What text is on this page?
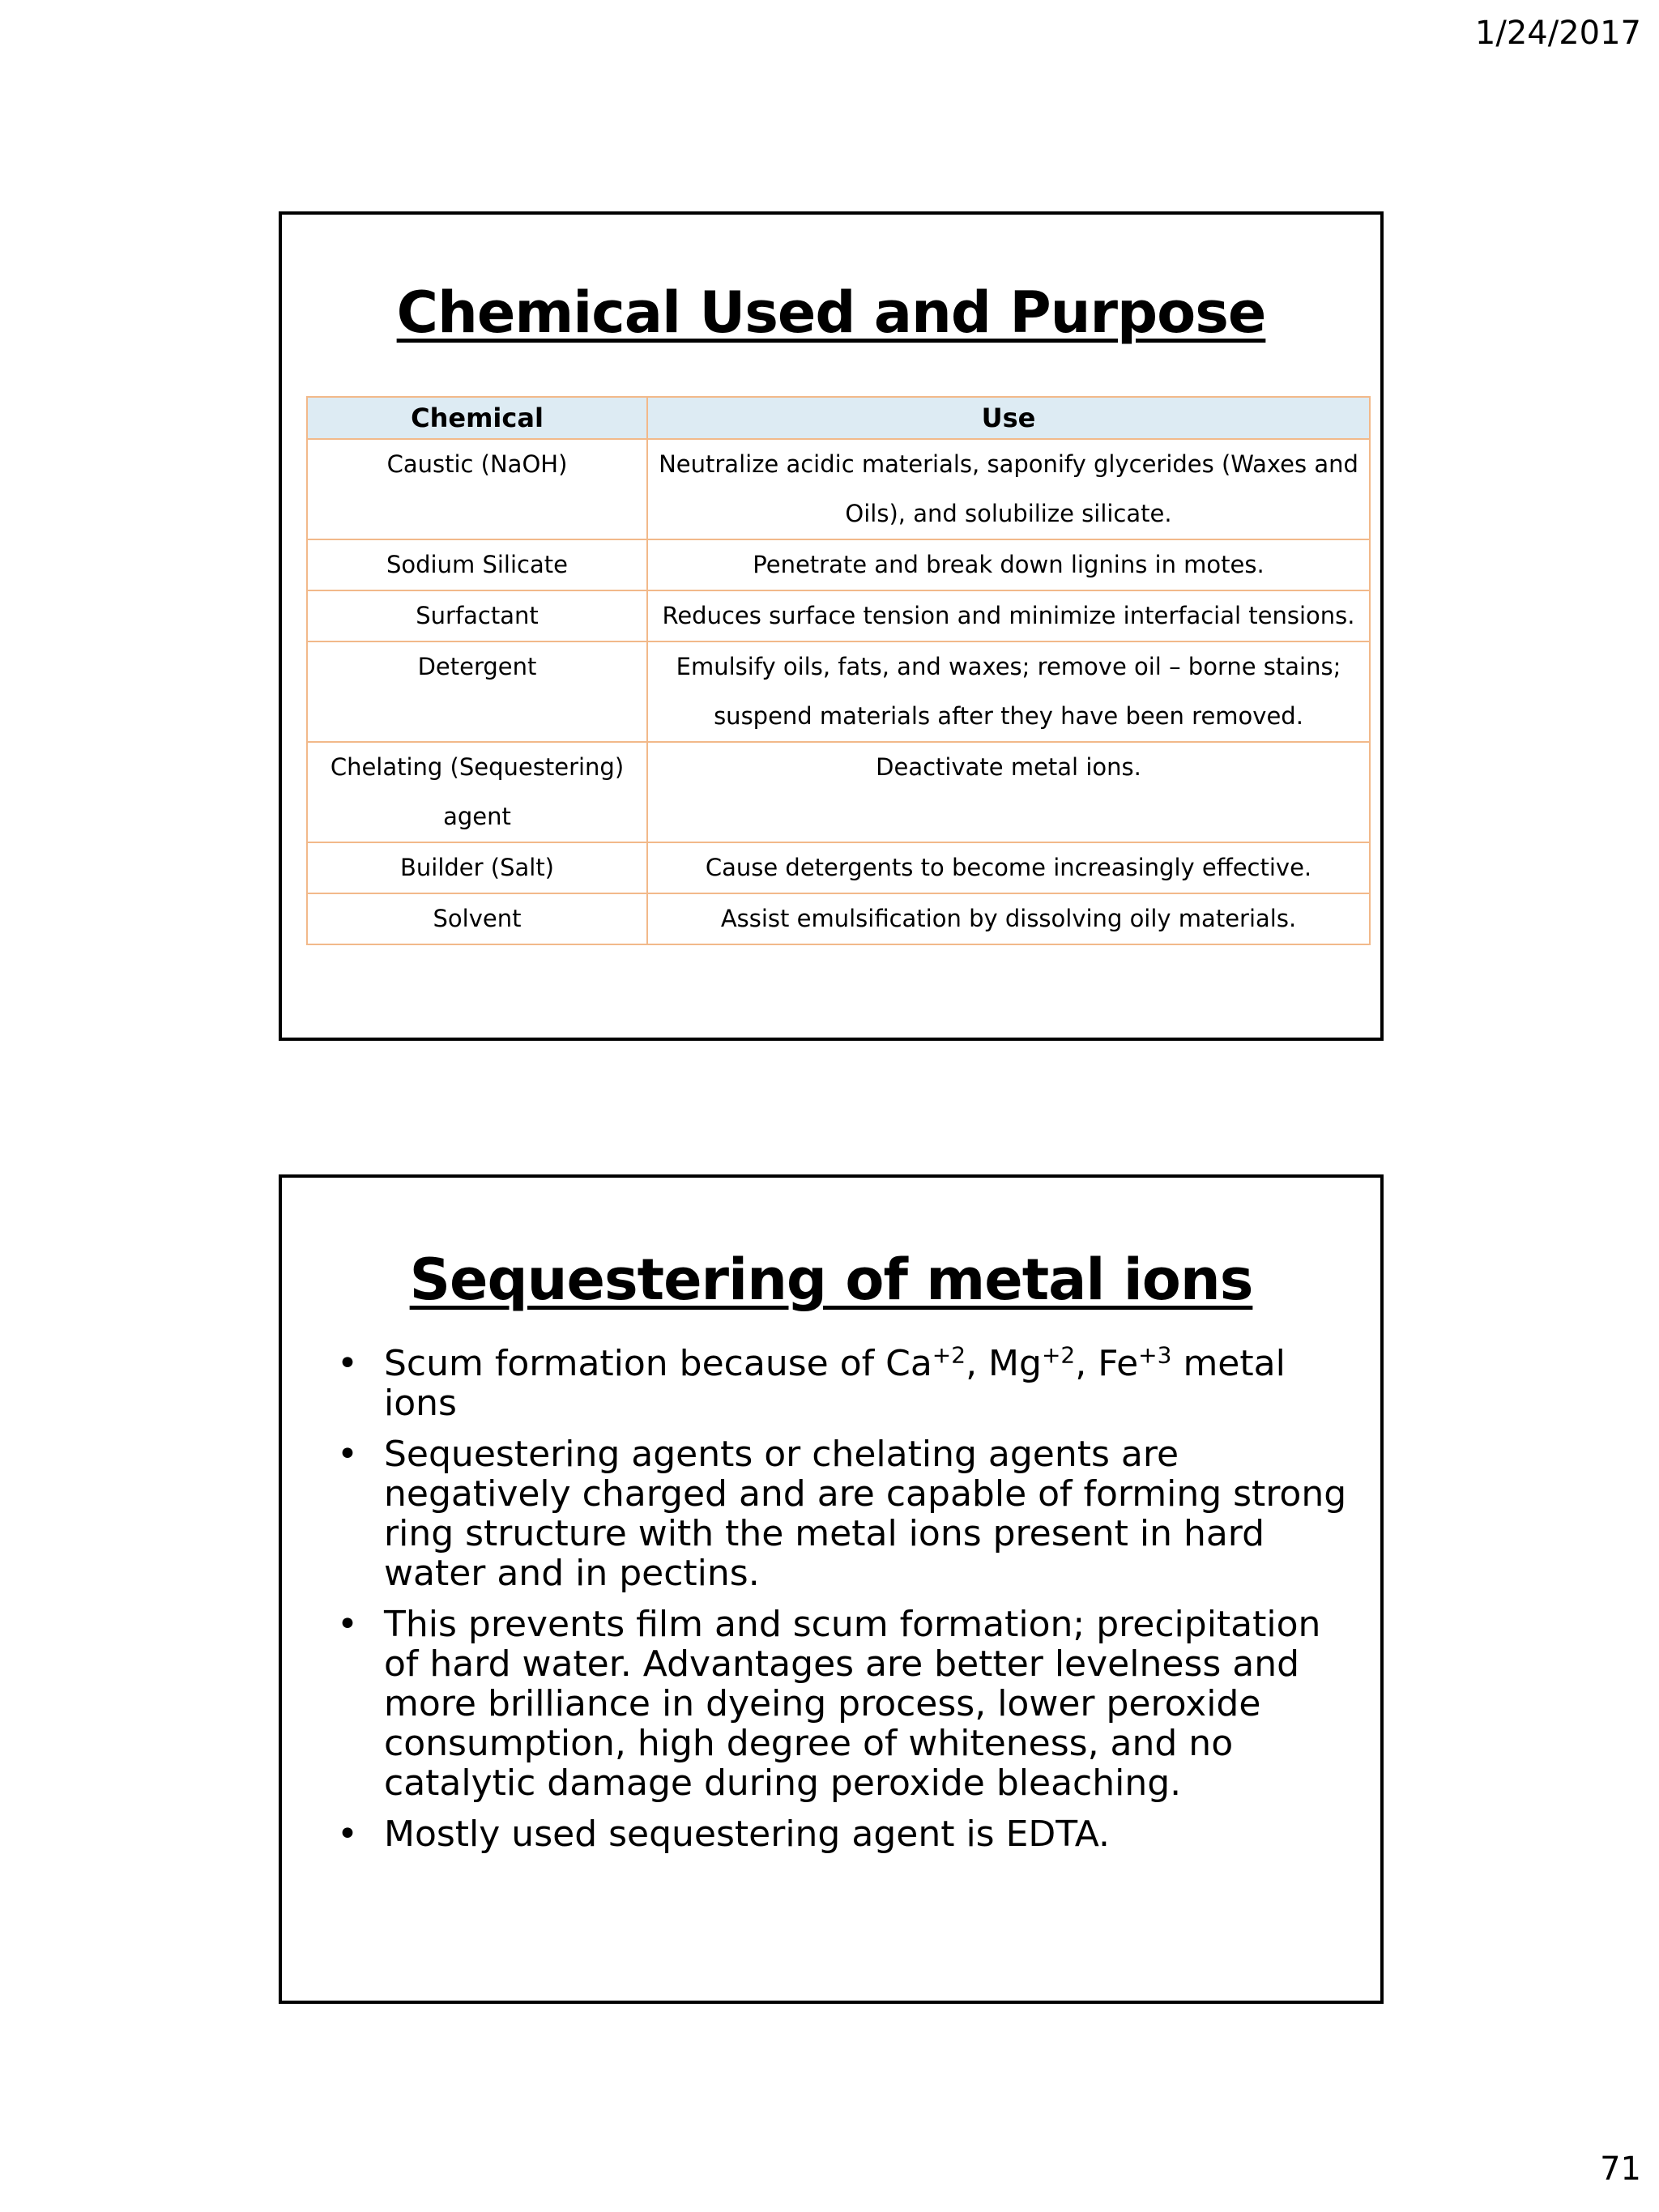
1/24/2017
Chemical Used and Purpose
Chemical	Use
Caustic (NaOH)	Neutralize acidic materials, saponify glycerides (Waxes and Oils), and solubilize silicate.
Sodium Silicate	Penetrate and break down lignins in motes.
Surfactant	Reduces surface tension and minimize interfacial tensions.
Detergent	Emulsify oils, fats, and waxes; remove oil – borne stains; suspend materials after they have been removed.
Chelating (Sequestering) agent	Deactivate metal ions.
Builder (Salt)	Cause detergents to become increasingly effective.
Solvent	Assist emulsification by dissolving oily materials.
Sequestering of metal ions
• Scum formation because of $Ca^{+2}$, $Mg^{+2}$, $Fe^{+3}$ metal ions
• Sequestering agents or chelating agents are negatively charged and are capable of forming strong ring structure with the metal ions present in hard water and in pectins.
• This prevents film and scum formation; precipitation of hard water. Advantages are better levelness and more brilliance in dyeing process, lower peroxide consumption, high degree of whiteness, and no catalytic damage during peroxide bleaching.
• Mostly used sequestering agent is EDTA.
71
